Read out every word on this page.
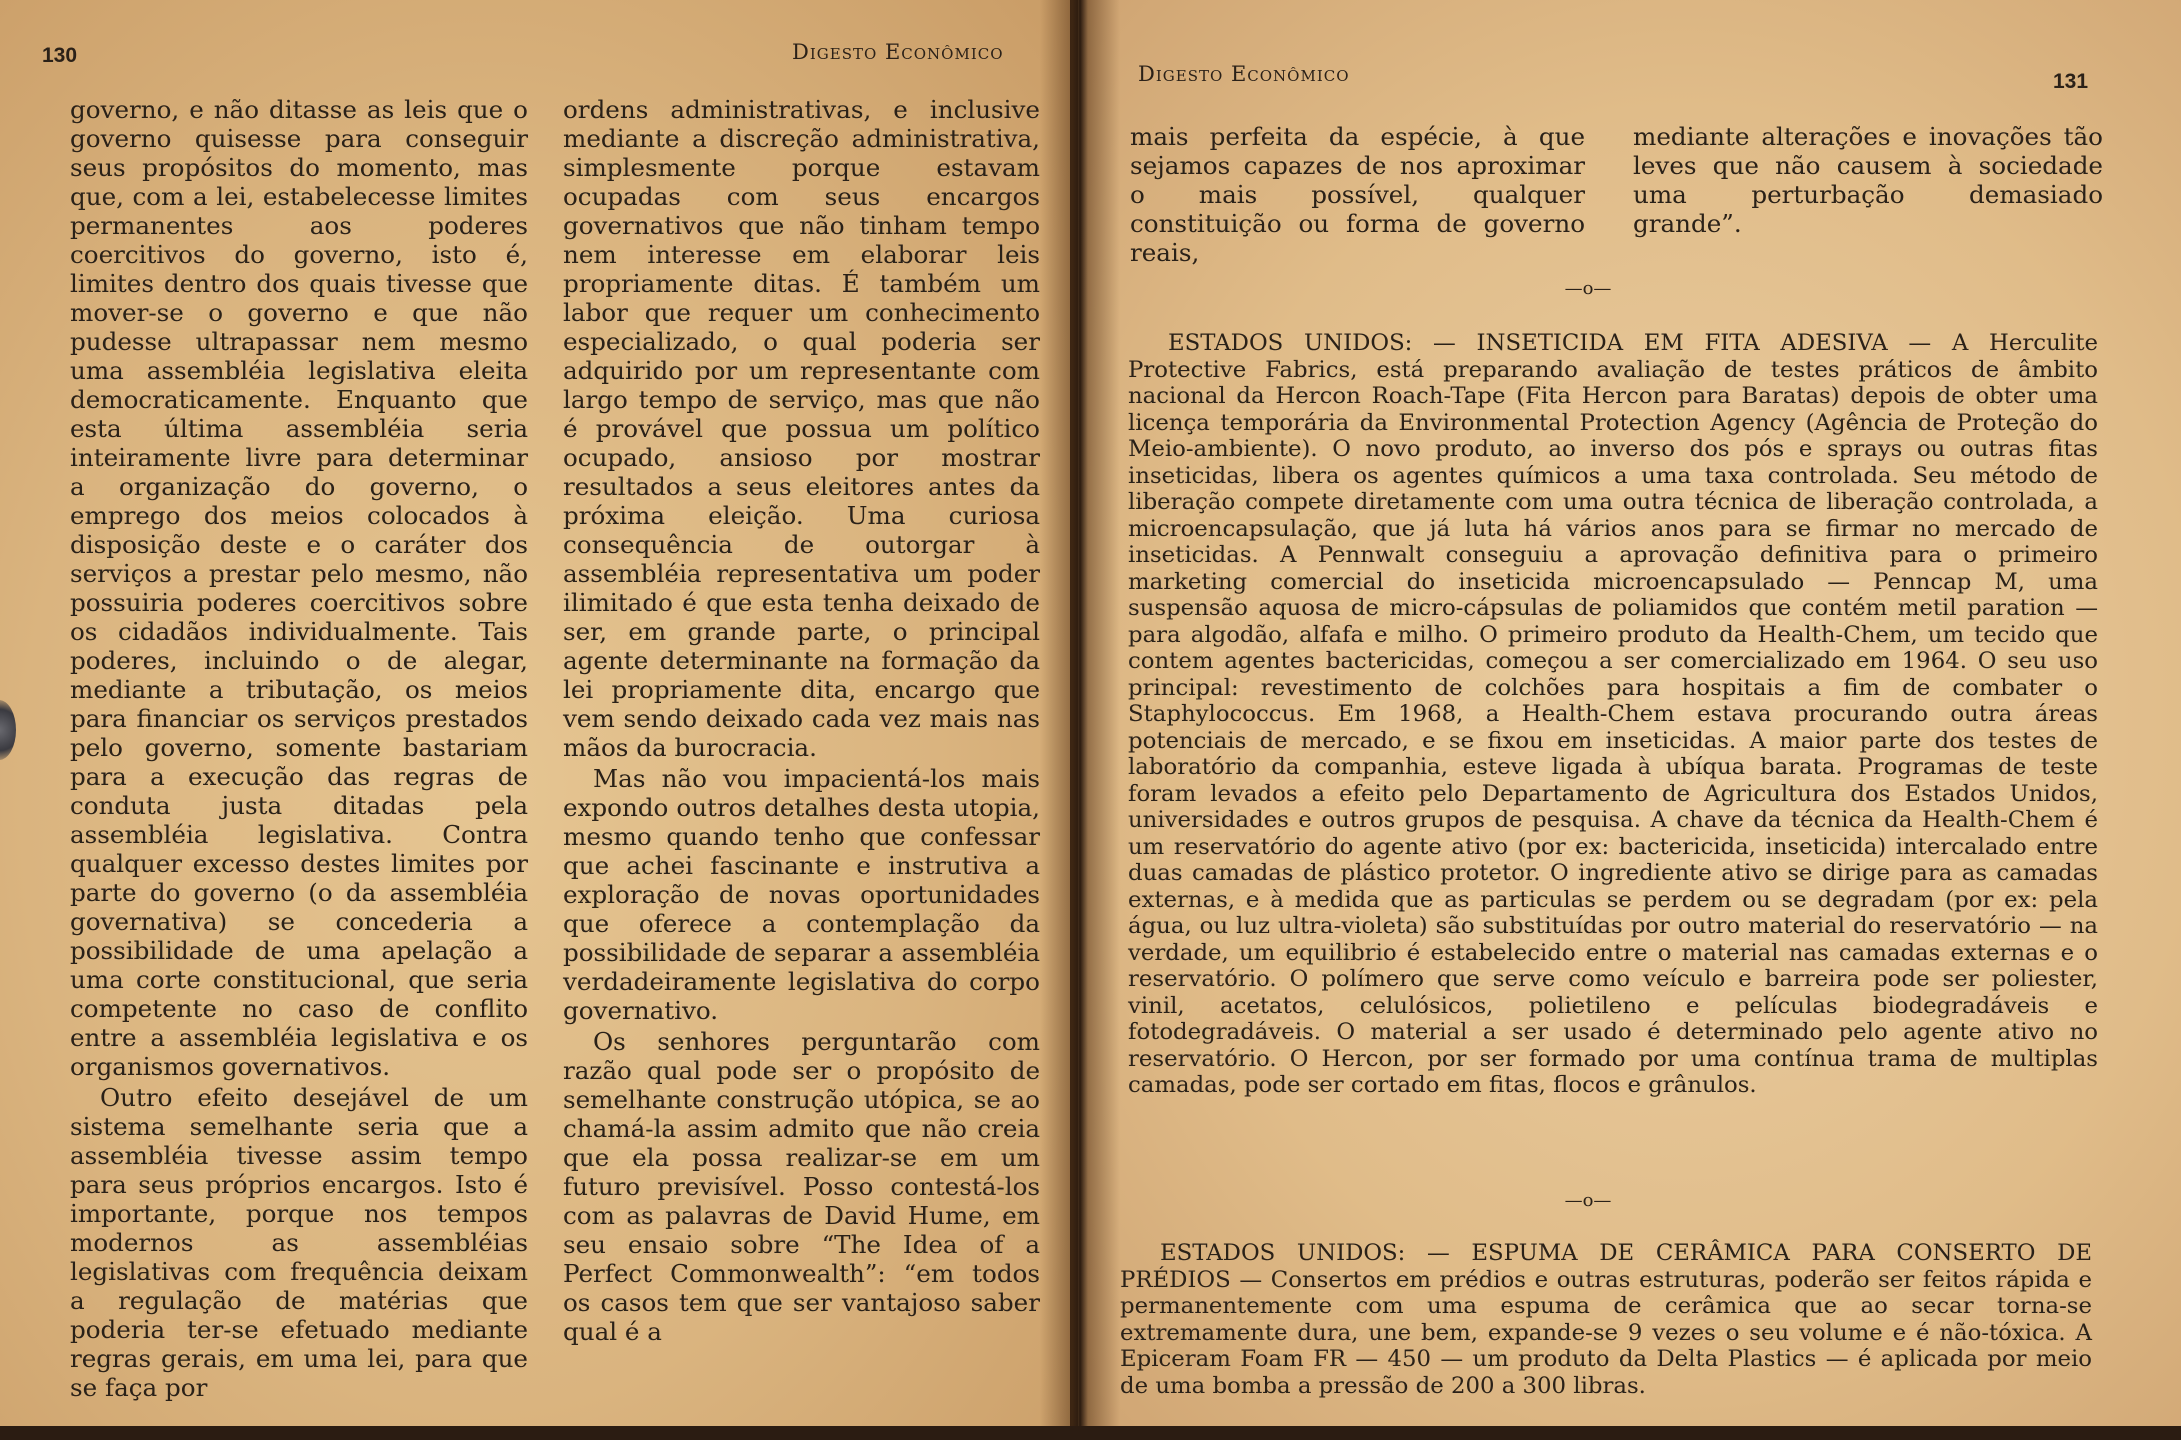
130	Digesto Econômico

governo, e não ditasse as leis que o governo quisesse para conseguir seus propósitos do momento, mas que, com a lei, estabelecesse limites permanentes aos poderes coercitivos do governo, isto é, limites dentro dos quais tivesse que mover-se o governo e que não pudesse ultrapassar nem mesmo uma assembléia legislativa eleita democraticamente. Enquanto que esta última assembléia seria inteiramente livre para determinar a organização do governo, o emprego dos meios colocados à disposição deste e o caráter dos serviços a prestar pelo mesmo, não possuiria poderes coercitivos sobre os cidadãos individualmente. Tais poderes, incluindo o de alegar, mediante a tributação, os meios para financiar os serviços prestados pelo governo, somente bastariam para a execução das regras de conduta justa ditadas pela assembléia legislativa. Contra qualquer excesso destes limites por parte do governo (o da assembléia governativa) se concederia a possibilidade de uma apelação a uma corte constitucional, que seria competente no caso de conflito entre a assembléia legislativa e os organismos governativos.

Outro efeito desejável de um sistema semelhante seria que a assembléia tivesse assim tempo para seus próprios encargos. Isto é importante, porque nos tempos modernos as assembléias legislativas com frequência deixam a regulação de matérias que poderia ter-se efetuado mediante regras gerais, em uma lei, para que se faça por

ordens administrativas, e inclusive mediante a discreção administrativa, simplesmente porque estavam ocupadas com seus encargos governativos que não tinham tempo nem interesse em elaborar leis propriamente ditas. É também um labor que requer um conhecimento especializado, o qual poderia ser adquirido por um representante com largo tempo de serviço, mas que não é provável que possua um político ocupado, ansioso por mostrar resultados a seus eleitores antes da próxima eleição. Uma curiosa consequência de outorgar à assembléia representativa um poder ilimitado é que esta tenha deixado de ser, em grande parte, o principal agente determinante na formação da lei propriamente dita, encargo que vem sendo deixado cada vez mais nas mãos da burocracia.

Mas não vou impacientá-los mais expondo outros detalhes desta utopia, mesmo quando tenho que confessar que achei fascinante e instrutiva a exploração de novas oportunidades que oferece a contemplação da possibilidade de separar a assembléia verdadeiramente legislativa do corpo governativo.

Os senhores perguntarão com razão qual pode ser o propósito de semelhante construção utópica, se ao chamá-la assim admito que não creia que ela possa realizar-se em um futuro previsível. Posso contestá-los com as palavras de David Hume, em seu ensaio sobre “The Idea of a Perfect Commonwealth”: “em todos os casos tem que ser vantajoso saber qual é a

Digesto Econômico	131

mais perfeita da espécie, à que sejamos capazes de nos aproximar o mais possível, qualquer constituição ou forma de governo reais,

mediante alterações e inovações tão leves que não causem à sociedade uma perturbação demasiado grande”.

—o—

ESTADOS UNIDOS: — INSETICIDA EM FITA ADESIVA — A Herculite Protective Fabrics, está preparando avaliação de testes práticos de âmbito nacional da Hercon Roach-Tape (Fita Hercon para Baratas) depois de obter uma licença temporária da Environmental Protection Agency (Agência de Proteção do Meio-ambiente). O novo produto, ao inverso dos pós e sprays ou outras fitas inseticidas, libera os agentes químicos a uma taxa controlada. Seu método de liberação compete diretamente com uma outra técnica de liberação controlada, a microencapsulação, que já luta há vários anos para se firmar no mercado de inseticidas. A Pennwalt conseguiu a aprovação definitiva para o primeiro marketing comercial do inseticida microencapsulado — Penncap M, uma suspensão aquosa de micro-cápsulas de poliamidos que contém metil paration — para algodão, alfafa e milho. O primeiro produto da Health-Chem, um tecido que contem agentes bactericidas, começou a ser comercializado em 1964. O seu uso principal: revestimento de colchões para hospitais a fim de combater o Staphylococcus. Em 1968, a Health-Chem estava procurando outra áreas potenciais de mercado, e se fixou em inseticidas. A maior parte dos testes de laboratório da companhia, esteve ligada à ubíqua barata. Programas de teste foram levados a efeito pelo Departamento de Agricultura dos Estados Unidos, universidades e outros grupos de pesquisa. A chave da técnica da Health-Chem é um reservatório do agente ativo (por ex: bactericida, inseticida) intercalado entre duas camadas de plástico protetor. O ingrediente ativo se dirige para as camadas externas, e à medida que as particulas se perdem ou se degradam (por ex: pela água, ou luz ultra-violeta) são substituídas por outro material do reservatório — na verdade, um equilibrio é estabelecido entre o material nas camadas externas e o reservatório. O polímero que serve como veículo e barreira pode ser poliester, vinil, acetatos, celulósicos, polietileno e películas biodegradáveis e fotodegradáveis. O material a ser usado é determinado pelo agente ativo no reservatório. O Hercon, por ser formado por uma contínua trama de multiplas camadas, pode ser cortado em fitas, flocos e grânulos.

—o—

ESTADOS UNIDOS: — ESPUMA DE CERÂMICA PARA CONSERTO DE PRÉDIOS — Consertos em prédios e outras estruturas, poderão ser feitos rápida e permanentemente com uma espuma de cerâmica que ao secar torna-se extremamente dura, une bem, expande-se 9 vezes o seu volume e é não-tóxica. A Epiceram Foam FR — 450 — um produto da Delta Plastics — é aplicada por meio de uma bomba a pressão de 200 a 300 libras.
